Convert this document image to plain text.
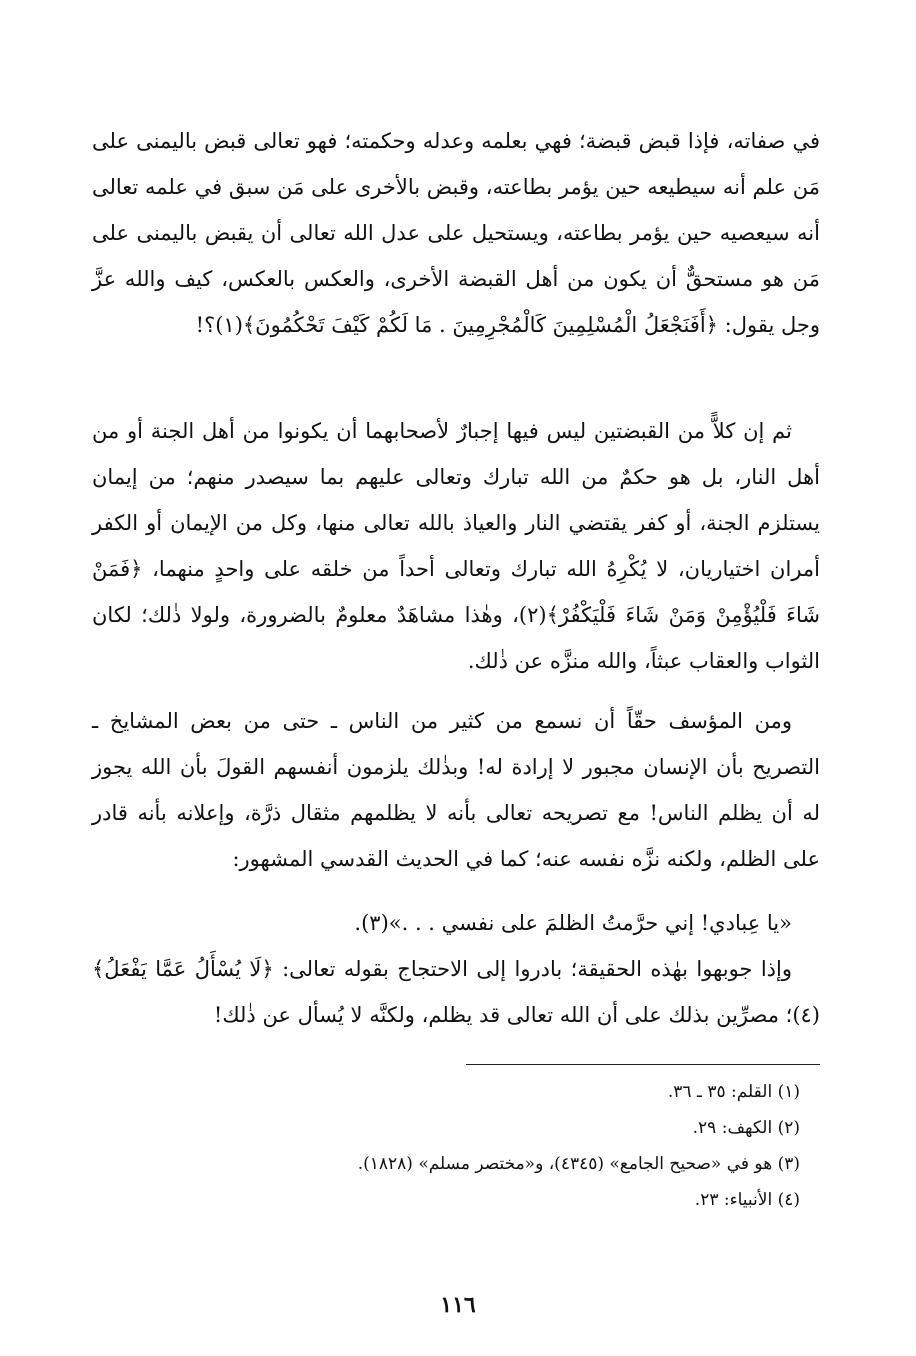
في صفاته، فإذا قبض قبضة؛ فهي بعلمه وعدله وحكمته؛ فهو تعالى قبض باليمنى على مَن علم أنه سيطيعه حين يؤمر بطاعته، وقبض بالأخرى على مَن سبق في علمه تعالى أنه سيعصيه حين يؤمر بطاعته، ويستحيل على عدل الله تعالى أن يقبض باليمنى على مَن هو مستحقٌّ أن يكون من أهل القبضة الأخرى، والعكس بالعكس، كيف والله عزَّ وجل يقول: ﴿أَفَنَجْعَلُ الْمُسْلِمِينَ كَالْمُجْرِمِينَ . مَا لَكُمْ كَيْفَ تَحْكُمُونَ﴾(١)؟!

ثم إن كلاًّ من القبضتين ليس فيها إجبارٌ لأصحابهما أن يكونوا من أهل الجنة أو من أهل النار، بل هو حكمٌ من الله تبارك وتعالى عليهم بما سيصدر منهم؛ من إيمان يستلزم الجنة، أو كفر يقتضي النار والعياذ بالله تعالى منها، وكل من الإيمان أو الكفر أمران اختياريان، لا يُكْرِهُ الله تبارك وتعالى أحداً من خلقه على واحدٍ منهما، ﴿فَمَنْ شَاءَ فَلْيُؤْمِنْ وَمَنْ شَاءَ فَلْيَكْفُرْ﴾(٢)، وهٰذا مشاهَدٌ معلومٌ بالضرورة، ولولا ذٰلك؛ لكان الثواب والعقاب عبثاً، والله منزَّه عن ذٰلك.

ومن المؤسف حقّاً أن نسمع من كثير من الناس ـ حتى من بعض المشايخ ـ التصريح بأن الإنسان مجبور لا إرادة له! وبذٰلك يلزمون أنفسهم القولَ بأن الله يجوز له أن يظلم الناس! مع تصريحه تعالى بأنه لا يظلمهم مثقال ذرَّة، وإعلانه بأنه قادر على الظلم، ولكنه نزَّه نفسه عنه؛ كما في الحديث القدسي المشهور:

«يا عِبادي! إني حرَّمتُ الظلمَ على نفسي . . .»(٣).

وإذا جوبهوا بهٰذه الحقيقة؛ بادروا إلى الاحتجاج بقوله تعالى: ﴿لَا يُسْأَلُ عَمَّا يَفْعَلُ﴾(٤)؛ مصرِّين بذلك على أن الله تعالى قد يظلم، ولكنَّه لا يُسأل عن ذٰلك!

(١) القلم: ٣٥ ـ ٣٦.
(٢) الكهف: ٢٩.
(٣) هو في «صحيح الجامع» (٤٣٤٥)، و«مختصر مسلم» (١٨٢٨).
(٤) الأنبياء: ٢٣.
١١٦
